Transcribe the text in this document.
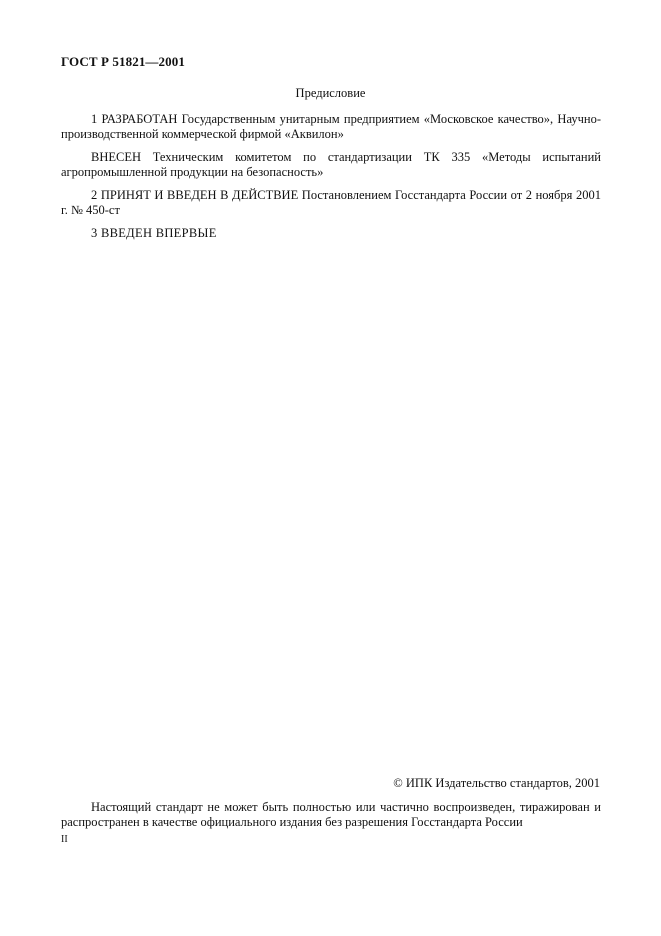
ГОСТ Р 51821—2001
Предисловие
1 РАЗРАБОТАН Государственным унитарным предприятием «Московское качество», Научно-производственной коммерческой фирмой «Аквилон»
ВНЕСЕН Техническим комитетом по стандартизации ТК 335 «Методы испытаний агропромышленной продукции на безопасность»
2 ПРИНЯТ И ВВЕДЕН В ДЕЙСТВИЕ Постановлением Госстандарта России от 2 ноября 2001 г. № 450-ст
3 ВВЕДЕН ВПЕРВЫЕ
© ИПК Издательство стандартов, 2001
Настоящий стандарт не может быть полностью или частично воспроизведен, тиражирован и распространен в качестве официального издания без разрешения Госстандарта России
II
